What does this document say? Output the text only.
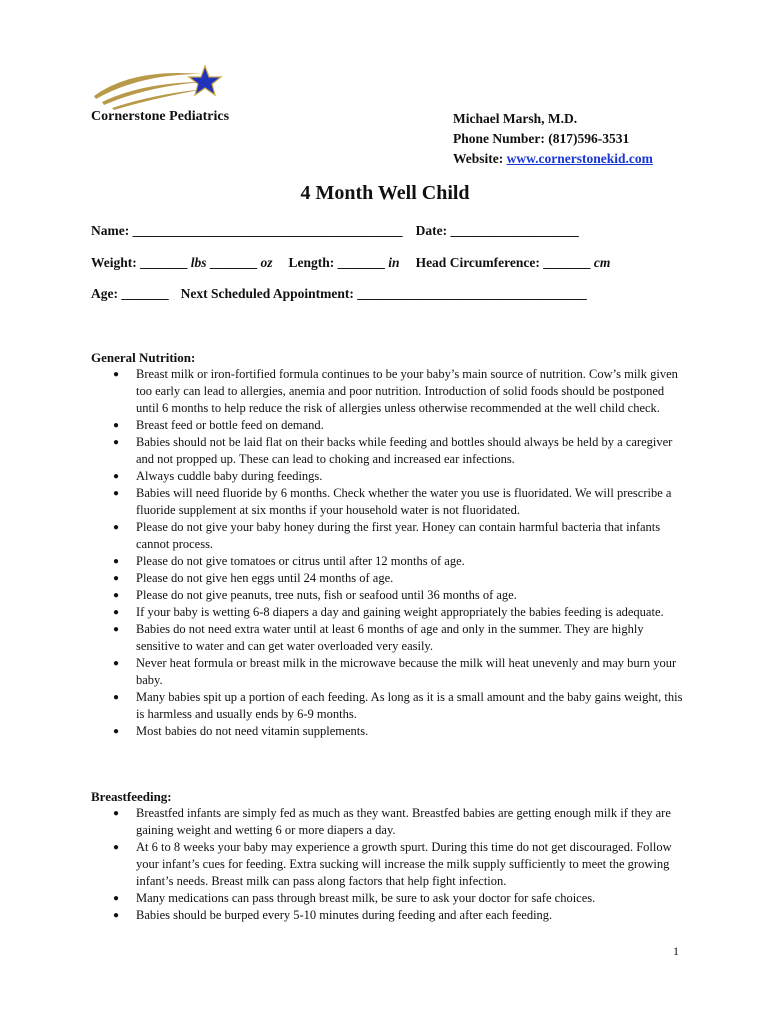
Cornerstone Pediatrics	Michael Marsh, M.D.
Phone Number: (817)596-3531
Website: www.cornerstonekid.com
4 Month Well Child
Name: ________________________________________ Date: ___________________
Weight: _______ lbs _______ oz Length: _______ in Head Circumference: _______ cm
Age: _______ Next Scheduled Appointment: __________________________________
General Nutrition:
● Breast milk or iron-fortified formula continues to be your baby’s main source of nutrition. Cow’s milk given too early can lead to allergies, anemia and poor nutrition. Introduction of solid foods should be postponed until 6 months to help reduce the risk of allergies unless otherwise recommended at the well child check.
● Breast feed or bottle feed on demand.
● Babies should not be laid flat on their backs while feeding and bottles should always be held by a caregiver and not propped up. These can lead to choking and increased ear infections.
● Always cuddle baby during feedings.
● Babies will need fluoride by 6 months. Check whether the water you use is fluoridated. We will prescribe a fluoride supplement at six months if your household water is not fluoridated.
● Please do not give your baby honey during the first year. Honey can contain harmful bacteria that infants cannot process.
● Please do not give tomatoes or citrus until after 12 months of age.
● Please do not give hen eggs until 24 months of age.
● Please do not give peanuts, tree nuts, fish or seafood until 36 months of age.
● If your baby is wetting 6-8 diapers a day and gaining weight appropriately the babies feeding is adequate.
● Babies do not need extra water until at least 6 months of age and only in the summer. They are highly sensitive to water and can get water overloaded very easily.
● Never heat formula or breast milk in the microwave because the milk will heat unevenly and may burn your baby.
● Many babies spit up a portion of each feeding. As long as it is a small amount and the baby gains weight, this is harmless and usually ends by 6-9 months.
● Most babies do not need vitamin supplements.
Breastfeeding:
● Breastfed infants are simply fed as much as they want. Breastfed babies are getting enough milk if they are gaining weight and wetting 6 or more diapers a day.
● At 6 to 8 weeks your baby may experience a growth spurt. During this time do not get discouraged. Follow your infant’s cues for feeding. Extra sucking will increase the milk supply sufficiently to meet the growing infant’s needs. Breast milk can pass along factors that help fight infection.
● Many medications can pass through breast milk, be sure to ask your doctor for safe choices.
● Babies should be burped every 5-10 minutes during feeding and after each feeding.
1
